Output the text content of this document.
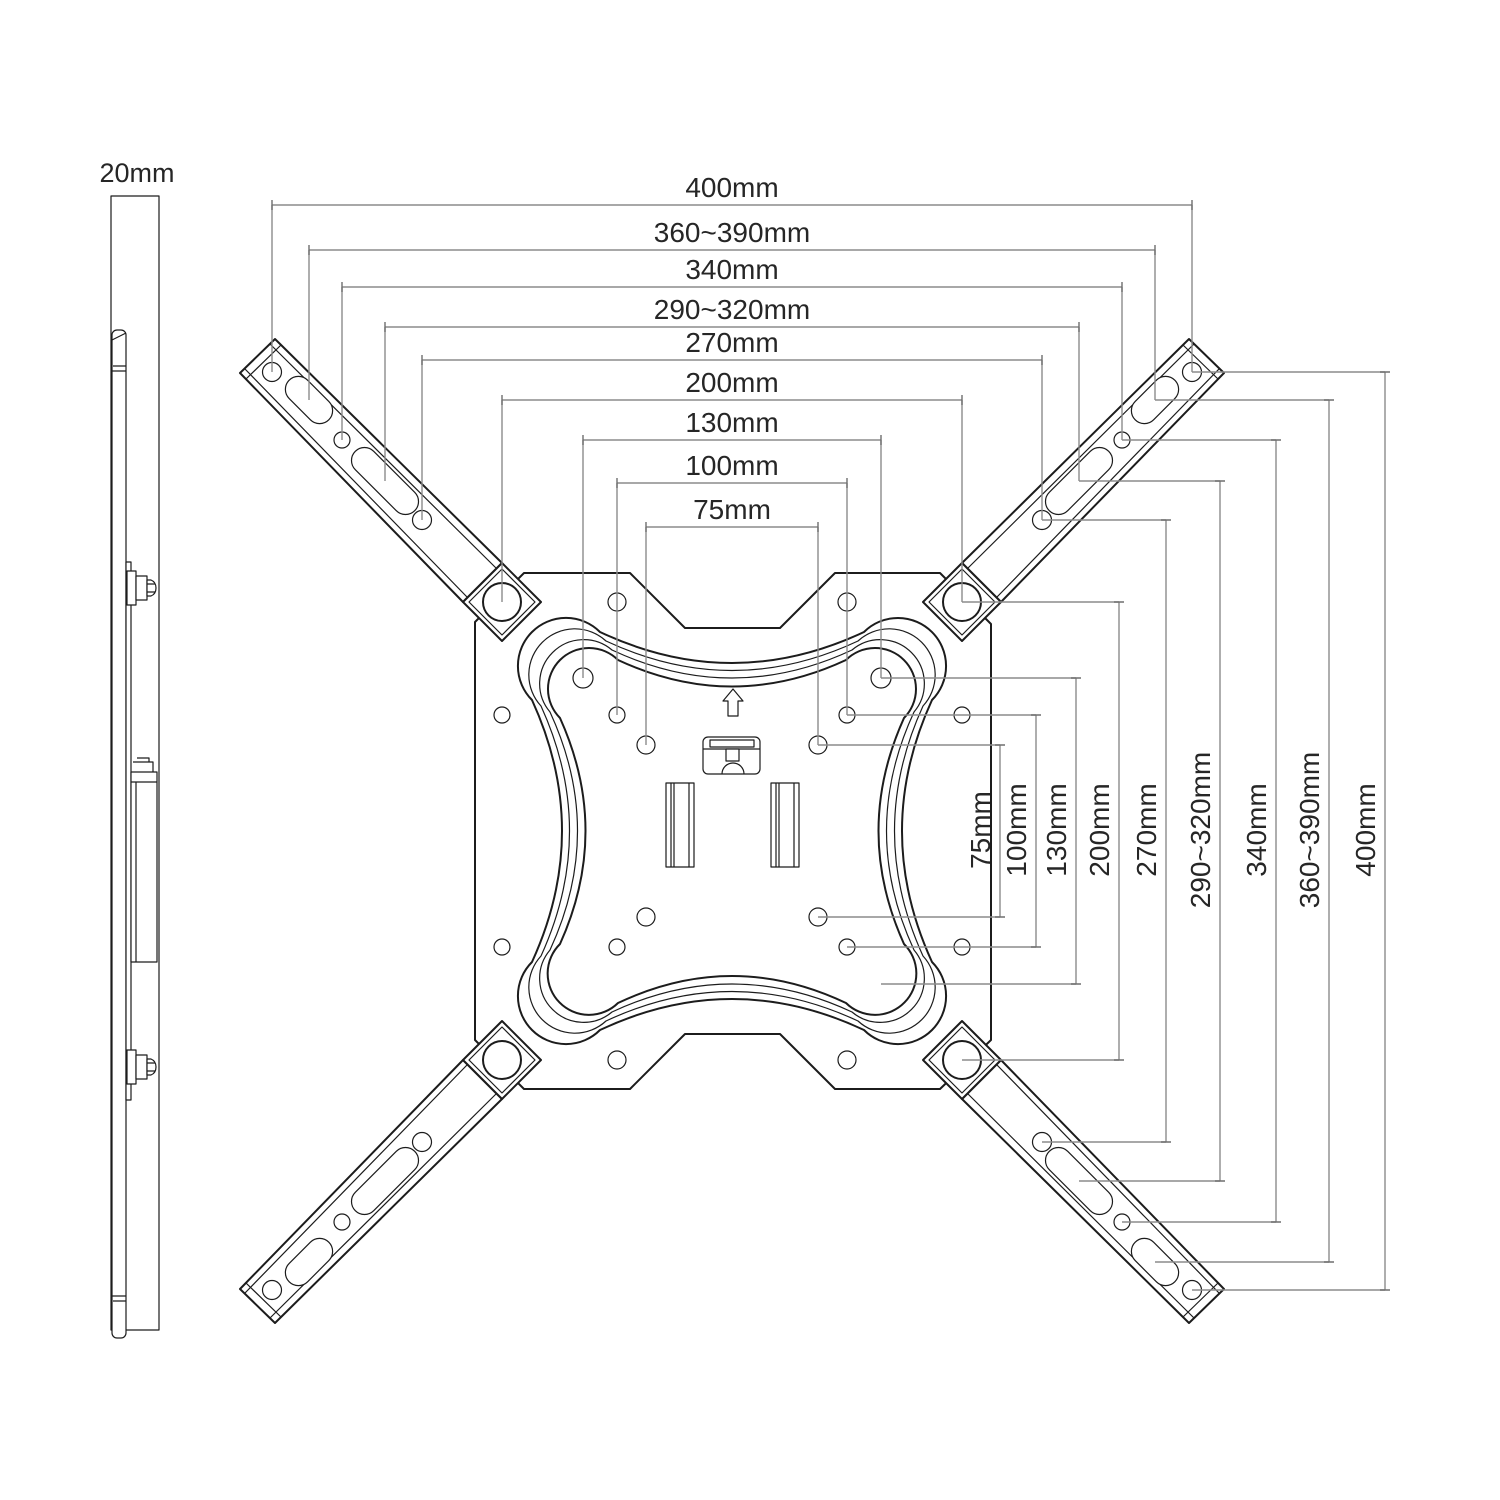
20mm	400mm
360~390mm
340mm
290~320mm
270mm
200mm
130mm
100mm
75mm
75mm 100mm 130mm 200mm 270mm 290~320mm 340mm 360~390mm 400mm
